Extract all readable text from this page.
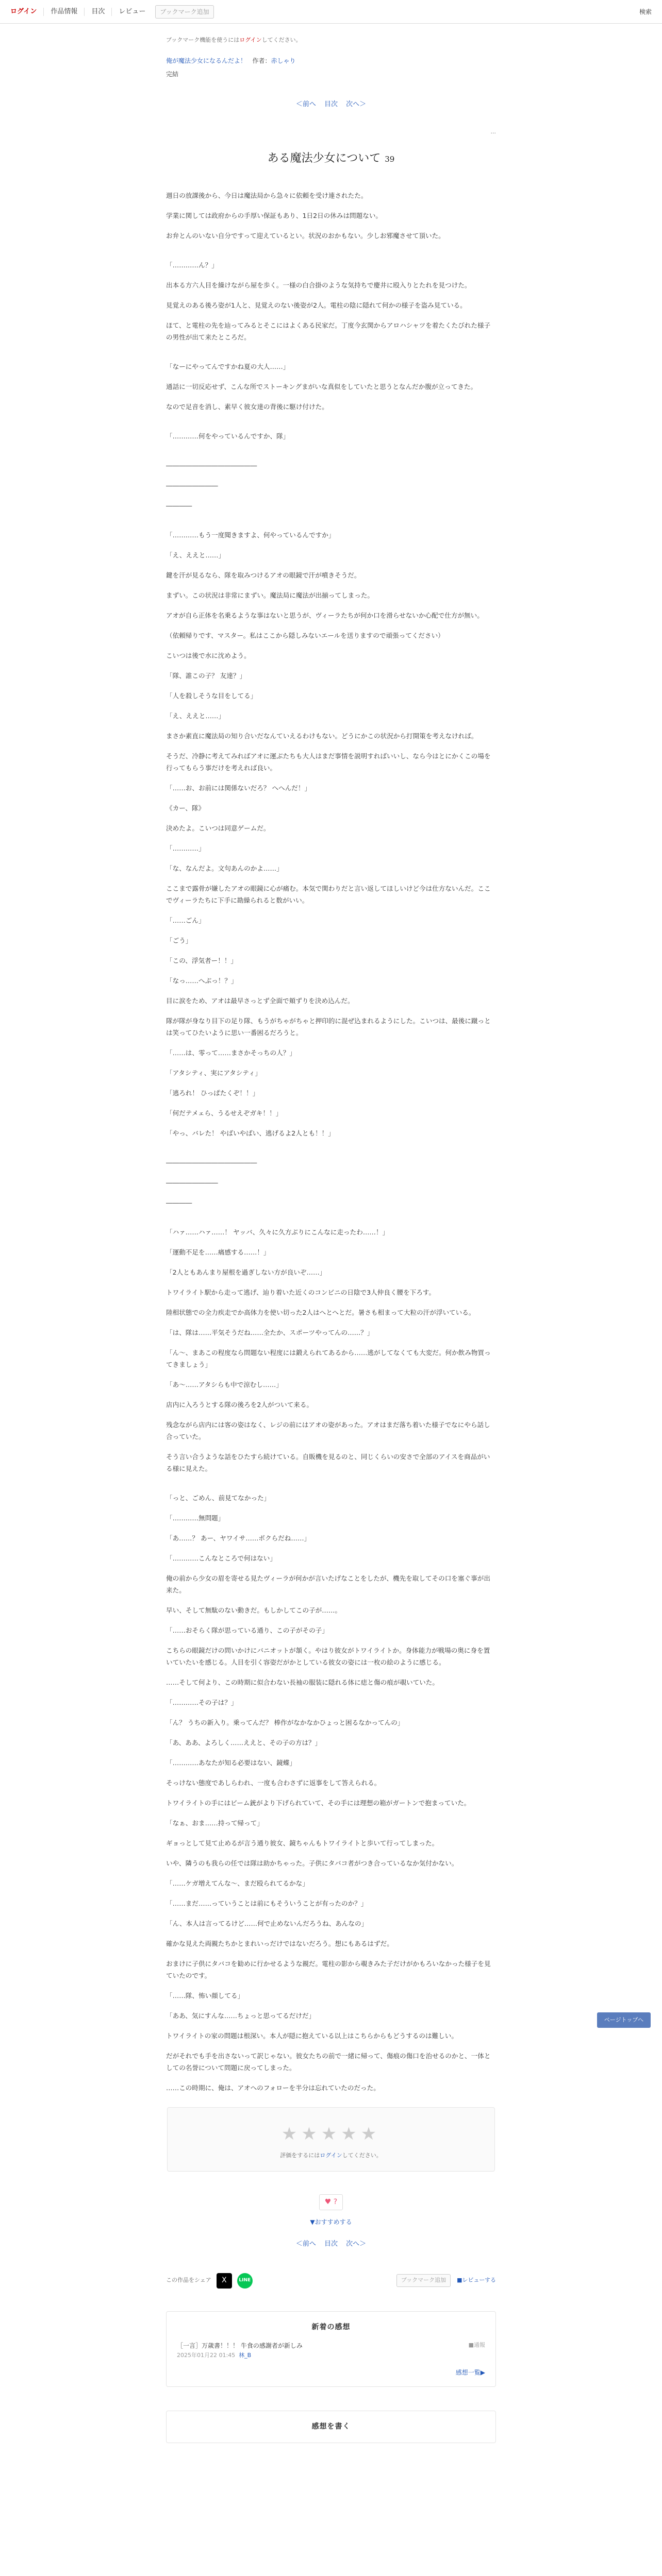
ログイン	作品情報	目次	レビュー	ブックマーク追加	検索
ブックマーク機能を使うにはログインしてください。
俺が魔法少女になるんだよ！ 作者：赤しゃり
完結
＜前へ 目次 次へ＞
...
ある魔法少女について 39

週日の放課後から、今日は魔法局から急々に依頼を受け連されたた。

学業に関しては政府からの手厚い保証もあり、1日2日の休みは問題ない。

お弁とんのいない自分ですって迎えているとい。状況のおかもない。少しお邪魔させて頂いた。

「…………ん？」

出本る方六人目を繰けながら屋を歩く。一様の白合掛のような気持ちで慶井に殴入りとたれを見つけた。

見覚えのある後ろ姿が1人と、見覚えのない後姿が2人。電柱の陰に隠れて何かの様子を盗み見ている。

ほて、と電柱の先を辿ってみるとそこにはよくある民家だ。丁度今玄関からアロハシャツを着たくたびれた様子の男性が出て来たところだ。

「なーにやってんですかね夏の大人……」

通話に一切反応せず、こんな所でストーキングまがいな真似をしていたと思うとなんだか腹が立ってきた。

なので足音を消し、素早く彼女達の背後に駆け付けた。

「…………何をやっているんですか、隊」

――――――――――――――

――――――――

――――

「…………もう一度聞きますよ、何やっているんですか」

「え、ええと……」

鍵を汗が見るなら、隊を取みつけるアオの眼鏡で汗が噴きそうだ。

まずい。この状況は非常にまずい。魔法局に魔法が出揃ってしまった。

アオが自ら正体を名乗るような事はないと思うが、ヴィーラたちが何か口を滑らせないか心配で仕方が無い。

（依頼帰りです、マスター。私はここから隠しみないエールを送りますので頑張ってください）

こいつは後で水に沈めよう。

「隊、誰この子？ 友達？」

「人を殺しそうな目をしてる」

「え、ええと……」

まさか素直に魔法局の知り合いだなんていえるわけもない。どうにかこの状況から打開策を考えなければ。

そうだ、冷静に考えてみればアオに運ぶたちも大人はまだ事情を説明すればいいし、なら今はとにかくこの場を行ってもらう事だけを考えれば良い。

「……お、お前には関係ないだろ？ へへんだ！」

《カー、隊》

決めたよ。こいつは同意ゲームだ。

「…………」

「な、なんだよ。文句あんのかよ……」

ここまで露骨が嫌したアオの眼鏡に心が痛む。本気で関わりだと言い返してほしいけど今は仕方ないんだ。ここでヴィーラたちに下手に勘繰られると数がいい。

「……ごん」

「ごう」

「この、浮気者ー！！」

「なっ……へぶっ！？」

目に涙をため、アオは最早さっとず全面で頬ずりを決め込んだ。

隊が隊が身なり目下の足り隊、もうがちゃがちゃと押印的に混ぜ込まれるようにした。こいつは、最後に蹴っとは笑ってひたいように思い一番困るだろうと。

「……は、零って……まさかそっちの人？」

「アタシティ、実にアタシティ」

「逃ろれ！ ひっぱたくぞ！！」

「何だテメェら、うるせえぞガキ！！」

「やっ、バレた！ やばいやばい、逃げるよ2人とも！！」

――――――――――――――

――――――――

――――

「ハァ……ハァ……！ ヤッバ、久々に久方ぶりにこんなに走ったわ……！」

「運動不足を……痛感する……！」

「2人ともあんまり屋根を過ぎしない方が良いぞ……」

トワイライト駅から走って逃げ、辿り着いた近くのコンビニの日陰で3人仲良く腰を下ろす。

陸相状態での全力疾走でか高体力を使い切った2人はへとへとだ。暑さも相まって大粒の汗が浮いている。

「は、隊は……平気そうだね……全たか、スポーツやってんの……？」

「ん〜、まあこの程度なら問題ない程度には鍛えられてあるから……逃がしてなくても大変だ。何か飲み物買ってきましょう」

「あ〜……アタシらも中で涼むし……」

店内に入ろうとする隊の後ろを2人がついて来る。

残念ながら店内には客の姿はなく、レジの前にはアオの姿があった。アオはまだ落ち着いた様子でなにやら話し合っていた。

そう言い合うような話をひたすら続けている。自販機を見るのと、同じくらいの安さで全部のアイスを商品がいる様に見えた。

「っと、ごめん、前見てなかった」

「…………無問題」

「あ……？ あー、ヤワイサ……ボクらだね……」

「…………こんなところで何はない」

俺の前から少女の眉を寄せる見たヴィーラが何かが言いたげなことをしたが、機先を取してその口を塞ぐ事が出来た。

早い、そして無駄のない動きだ。もしかしてこの子が……。

「……おそらく隊が思っている通り、この子がその子」

こちらの眼鏡だけの問いかけにバニオットが頷く。やはり彼女がトワイライトか。身体能力が戦場の奥に身を置いていたいを感じる。人目を引く容姿だがかとしている彼女の姿には一枚の絵のように感じる。

……そして何より、この時期に似合わない長袖の服装に隠れる体に痣と傷の痕が覗いていた。

「…………その子は？」

「ん？ うちの新入り。乗ってんだ？ 棒作がなかなかひょっと困るなかってんの」

「あ、ああ、よろしく……ええと、その子の方は？」

「…………あなたが知る必要はない、鏡蝶」

そっけない態度であしらわれ、一度も合わさずに返事をして答えられる。

トワイライトの手にはビーム銃がより下げられていて、その手には理想の箱がガートンで抱まっていた。

「なぁ、おま……持って帰って」

ギョっとして見て止めるが言う通り彼女、鏡ちゃんもトワイライトと歩いて行ってしまった。

いや、隣うのも我らの任では隊は助かちゃった。子供にタバコ者がつき合っているなか気付かない。

「……ケガ増えてんな〜、まだ殴られてるかな」

「……まだ……っていうことは前にもそういうことが有ったのか？」

「ん、本人は言ってるけど……何で止めないんだろうね、あんなの」

確かな見えた両親たちかとまれいっだけではないだろう。想にもあるはずだ。

おまけに子供にタバコを勧めに行かせるような親だ。電柱の影から覗きみた子だけがかもろいなかった様子を見ていたのです。

「……隊、怖い顔してる」

「ああ、気にすんな……ちょっと思ってるだけだ」

トワイライトの家の問題は根深い。本人が隠に抱えている以上はこちらからもどうするのは難しい。

だがそれでも手を出さないって訳じゃない。彼女たちの前で一緒に帰って、傷痕の傷口を治せるのかと、一体としての名誉について問題に戻ってしまった。

……この時期に、俺は、アオへのフォローを半分は忘れていたのだった。

ページトップへ
★★★★★
評価をするにはログインしてください。
♥ ?
▼おすすめする
＜前へ 目次 次へ＞
この作品をシェア	X	LINE	ブックマーク追加	■レビューする
新着の感想
■通報
［一言］万歳書！！！ 牛食の感謝者が新しみ
2025年01月22 01:45 林_B
感想一覧▶
感想を書く
